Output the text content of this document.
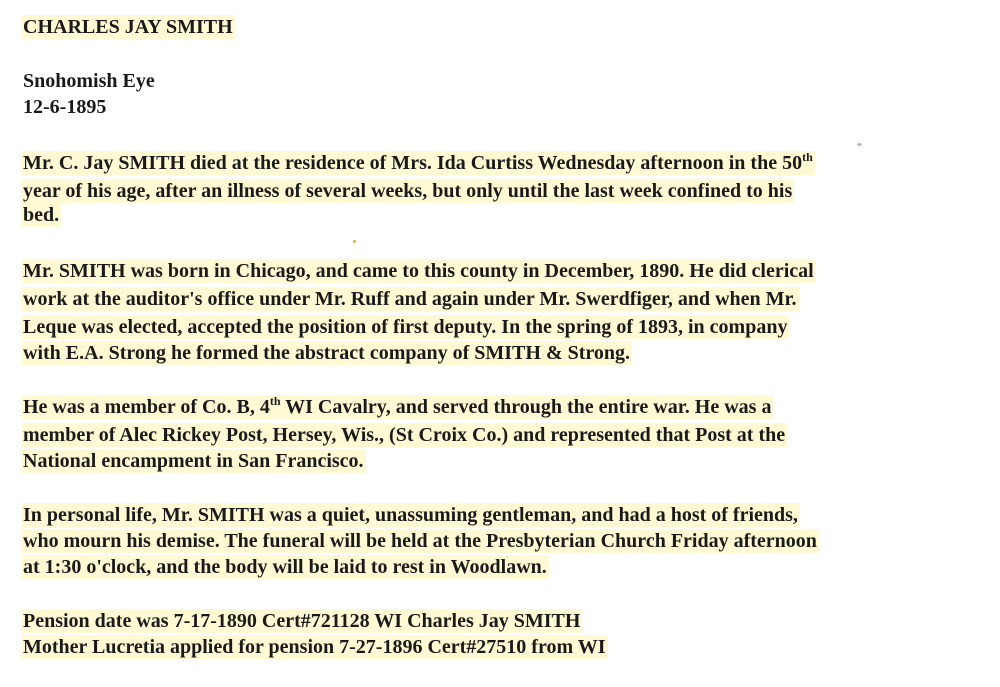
CHARLES JAY SMITH
Snohomish Eye
12-6-1895
Mr. C. Jay SMITH died at the residence of Mrs. Ida Curtiss Wednesday afternoon in the 50th
year of his age, after an illness of several weeks, but only until the last week confined to his
bed.
Mr. SMITH was born in Chicago, and came to this county in December, 1890. He did clerical
work at the auditor's office under Mr. Ruff and again under Mr. Swerdfiger, and when Mr.
Leque was elected, accepted the position of first deputy. In the spring of 1893, in company
with E.A. Strong he formed the abstract company of SMITH & Strong.
He was a member of Co. B, 4th WI Cavalry, and served through the entire war. He was a
member of Alec Rickey Post, Hersey, Wis., (St Croix Co.) and represented that Post at the
National encampment in San Francisco.
In personal life, Mr. SMITH was a quiet, unassuming gentleman, and had a host of friends,
who mourn his demise. The funeral will be held at the Presbyterian Church Friday afternoon
at 1:30 o'clock, and the body will be laid to rest in Woodlawn.
Pension date was 7-17-1890 Cert#721128 WI Charles Jay SMITH
Mother Lucretia applied for pension 7-27-1896 Cert#27510 from WI
